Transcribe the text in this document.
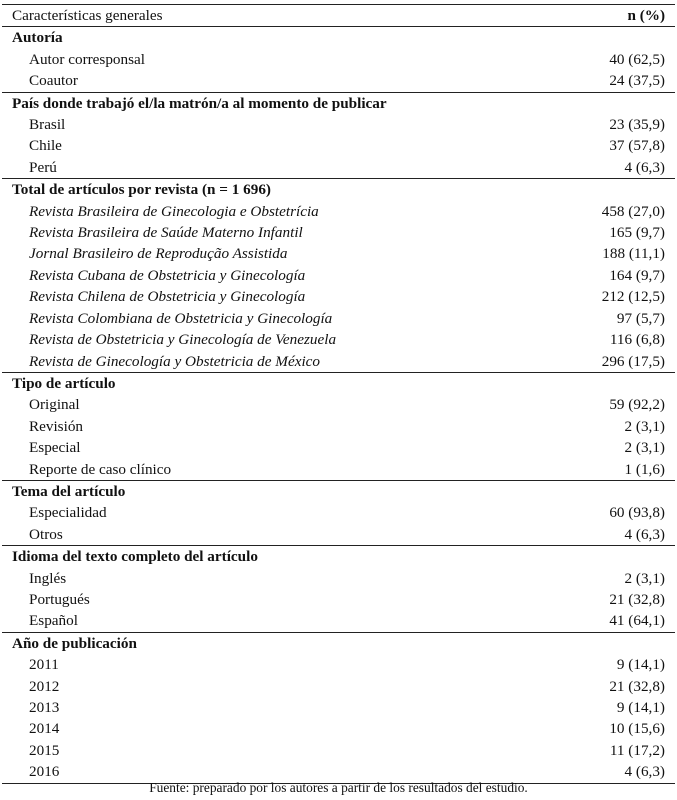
Características generales	n (%)
Autoría	
Autor corresponsal	40 (62,5)
Coautor	24 (37,5)
País donde trabajó el/la matrón/a al momento de publicar	
Brasil	23 (35,9)
Chile	37 (57,8)
Perú	4 (6,3)
Total de artículos por revista (n = 1 696)	
Revista Brasileira de Ginecologia e Obstetrícia	458 (27,0)
Revista Brasileira de Saúde Materno Infantil	165 (9,7)
Jornal Brasileiro de Reprodução Assistida	188 (11,1)
Revista Cubana de Obstetricia y Ginecología	164 (9,7)
Revista Chilena de Obstetricia y Ginecología	212 (12,5)
Revista Colombiana de Obstetricia y Ginecología	97 (5,7)
Revista de Obstetricia y Ginecología de Venezuela	116 (6,8)
Revista de Ginecología y Obstetricia de México	296 (17,5)
Tipo de artículo	
Original	59 (92,2)
Revisión	2 (3,1)
Especial	2 (3,1)
Reporte de caso clínico	1 (1,6)
Tema del artículo	
Especialidad	60 (93,8)
Otros	4 (6,3)
Idioma del texto completo del artículo	
Inglés	2 (3,1)
Portugués	21 (32,8)
Español	41 (64,1)
Año de publicación	
2011	9 (14,1)
2012	21 (32,8)
2013	9 (14,1)
2014	10 (15,6)
2015	11 (17,2)
2016	4 (6,3)
Fuente: preparado por los autores a partir de los resultados del estudio.
